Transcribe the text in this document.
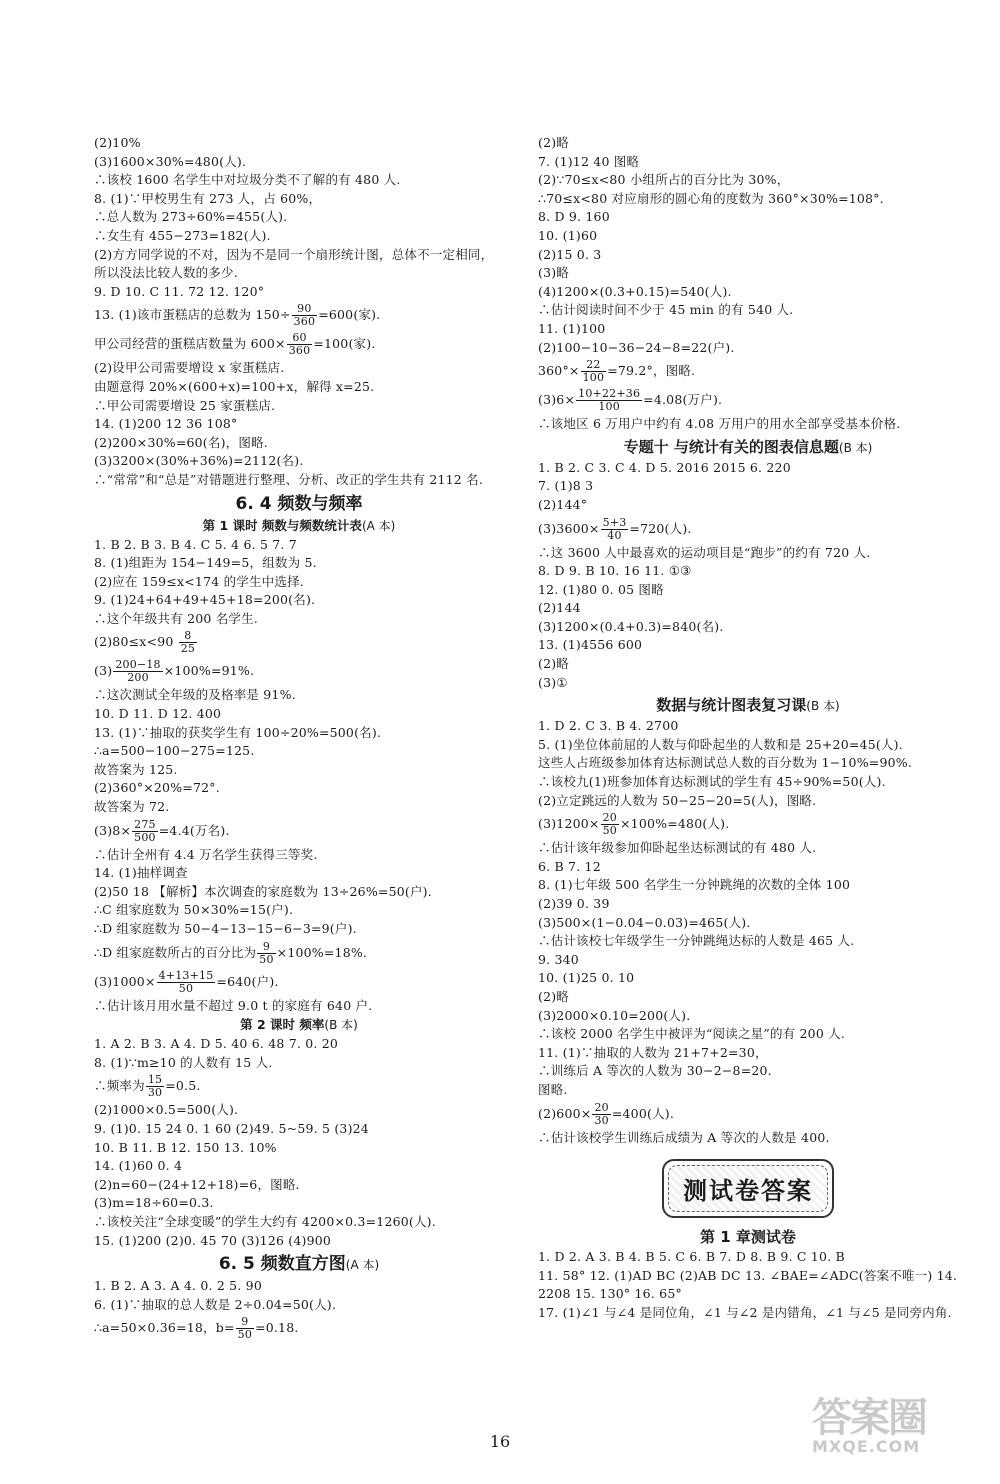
(2)10%
(3)1600×30%=480(人).
∴该校 1600 名学生中对垃圾分类不了解的有 480 人.
8. (1)∵甲校男生有 273 人，占 60%，
∴总人数为 273÷60%=455(人).
∴女生有 455−273=182(人).
(2)方方同学说的不对，因为不是同一个扇形统计图，总体不一定相同，所以没法比较人数的多少.
9. D 10. C 11. 72 12. 120°
13. (1)该市蛋糕店的总数为 $150\div \frac{90}{360} =600$(家).
甲公司经营的蛋糕店数量为 $600\times \frac{60}{360} =100$(家).
(2)设甲公司需要增设 x 家蛋糕店.
由题意得 20%×(600+x)=100+x，解得 x=25.
∴甲公司需要增设 25 家蛋糕店.
14. (1)200 12 36 108°
(2)200×30%=60(名)，图略.
(3)3200×(30%+36%)=2112(名).
∴“常常”和“总是”对错题进行整理、分析、改正的学生共有 2112 名.
6. 4 频数与频率
第 1 课时 频数与频数统计表(A 本)
1. B 2. B 3. B 4. C 5. 4 6. 5 7. 7
8. (1)组距为 154−149=5，组数为 5.
(2)应在 159≤x<174 的学生中选择.
9. (1)24+64+49+45+18=200(名).
∴这个年级共有 200 名学生.
$(2)80\le x<90 \frac{8}{25}$
$(3) \frac{200-18}{200} \times 100\%=91\%$.
∴这次测试全年级的及格率是 91%.
10. D 11. D 12. 400
13. (1)∵抽取的获奖学生有 100÷20%=500(名).
∴a=500−100−275=125.
故答案为 125.
(2)360°×20%=72°.
故答案为 72.
$(3)8\times \frac{275}{500} =4.4$(万名).
∴估计全州有 4.4 万名学生获得三等奖.
14. (1)抽样调查
(2)50 18 【解析】本次调查的家庭数为 13÷26%=50(户).
∴C 组家庭数为 50×30%=15(户).
∴D 组家庭数为 50−4−13−15−6−3=9(户).
∴D 组家庭数所占的百分比为 $\frac{9}{50} \times 100\%=18\%$.
$(3)1000\times \frac{4+13+15}{50} =640$(户).
∴估计该月用水量不超过 9.0 t 的家庭有 640 户.
第 2 课时 频率(B 本)
1. A 2. B 3. A 4. D 5. 40 6. 48 7. 0. 20
8. (1)∵m≥10 的人数有 15 人.
∴频率为 $\frac{15}{30} =0.5$.
(2)1000×0.5=500(人).
9. (1)0. 15 24 0. 1 60 (2)49. 5~59. 5 (3)24
10. B 11. B 12. 150 13. 10%
14. (1)60 0. 4
(2)n=60−(24+12+18)=6，图略.
(3)m=18÷60=0.3.
∴该校关注“全球变暖”的学生大约有 4200×0.3=1260(人).
15. (1)200 (2)0. 45 70 (3)126 (4)900
6. 5 频数直方图(A 本)
1. B 2. A 3. A 4. 0. 2 5. 90
6. (1)∵抽取的总人数是 2÷0.04=50(人).
∴a=50×0.36=18，$b= \frac{9}{50} =0.18$.
(2)略
7. (1)12 40 图略
(2)∵70≤x<80 小组所占的百分比为 30%，
∴70≤x<80 对应扇形的圆心角的度数为 360°×30%=108°.
8. D 9. 160
10. (1)60
(2)15 0. 3
(3)略
(4)1200×(0.3+0.15)=540(人).
∴估计阅读时间不少于 45 min 的有 540 人.
11. (1)100
(2)100−10−36−24−8=22(户).
$360^\circ\times \frac{22}{100} =79.2^\circ$，图略.
$(3)6\times \frac{10+22+36}{100} =4.08$(万户).
∴该地区 6 万用户中约有 4.08 万用户的用水全部享受基本价格.
专题十 与统计有关的图表信息题(B 本)
1. B 2. C 3. C 4. D 5. 2016 2015 6. 220
7. (1)8 3
(2)144°
$(3)3600\times \frac{5+3}{40} =720$(人).
∴这 3600 人中最喜欢的运动项目是“跑步”的约有 720 人.
8. D 9. B 10. 16 11. ①③
12. (1)80 0. 05 图略
(2)144
(3)1200×(0.4+0.3)=840(名).
13. (1)4556 600
(2)略
(3)①
数据与统计图表复习课(B 本)
1. D 2. C 3. B 4. 2700
5. (1)坐位体前屈的人数与仰卧起坐的人数和是 25+20=45(人).
这些人占班级参加体育达标测试总人数的百分数为 1−10%=90%.
∴该校九(1)班参加体育达标测试的学生有 45÷90%=50(人).
(2)立定跳远的人数为 50−25−20=5(人)，图略.
$(3)1200\times \frac{20}{50} \times 100\%=480$(人).
∴估计该年级参加仰卧起坐达标测试的有 480 人.
6. B 7. 12
8. (1)七年级 500 名学生一分钟跳绳的次数的全体 100
(2)39 0. 39
(3)500×(1−0.04−0.03)=465(人).
∴估计该校七年级学生一分钟跳绳达标的人数是 465 人.
9. 340
10. (1)25 0. 10
(2)略
(3)2000×0.10=200(人).
∴该校 2000 名学生中被评为“阅读之星”的有 200 人.
11. (1)∵抽取的人数为 21+7+2=30，
∴训练后 A 等次的人数为 30−2−8=20.
图略.
$(2)600\times \frac{20}{30} =400$(人).
∴估计该校学生训练后成绩为 A 等次的人数是 400.
测试卷答案
第 1 章测试卷
1. D 2. A 3. B 4. B 5. C 6. B 7. D 8. B 9. C 10. B
11. 58° 12. (1)AD BC (2)AB DC 13. ∠BAE=∠ADC(答案不唯一) 14. 2208 15. 130° 16. 65°
17. (1)∠1 与∠4 是同位角，∠1 与∠2 是内错角，∠1 与∠5 是同旁内角.
16
答案圈
MXQE.COM
